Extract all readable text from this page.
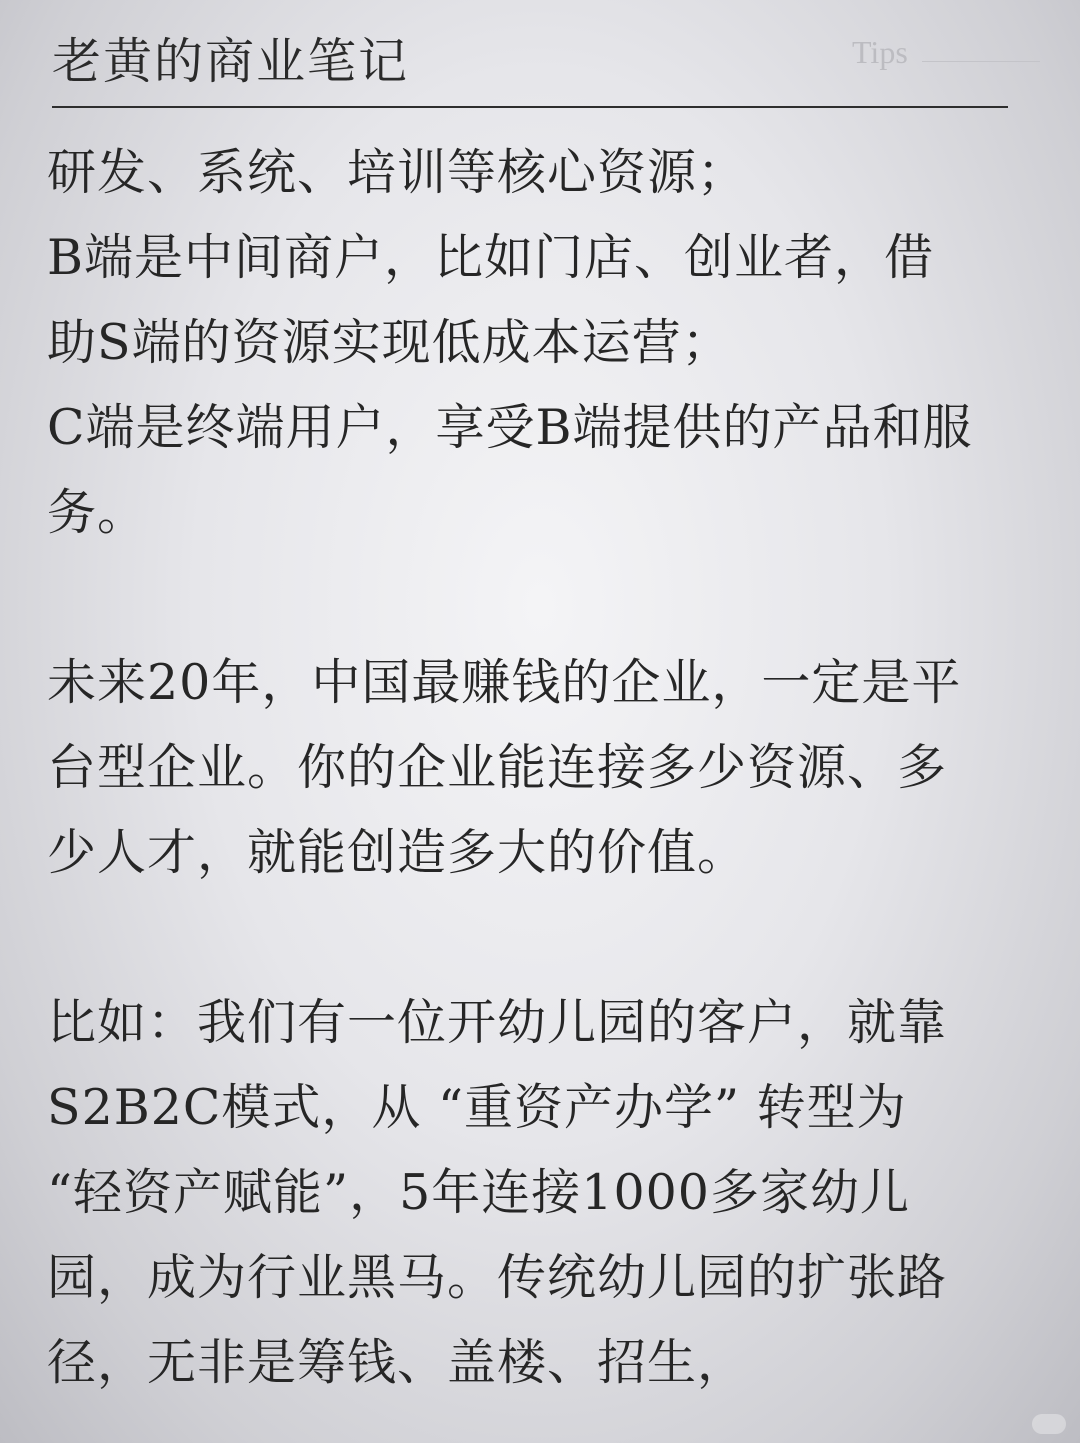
老黄的商业笔记	Tips
研发、系统、培训等核心资源；
B端是中间商户，比如门店、创业者，借
助S端的资源实现低成本运营；
C端是终端用户，享受B端提供的产品和服
务。
未来20年，中国最赚钱的企业，一定是平
台型企业。你的企业能连接多少资源、多
少人才，就能创造多大的价值。
比如：我们有一位开幼儿园的客户，就靠
S2B2C模式，从 “重资产办学” 转型为
“轻资产赋能”，5年连接1000多家幼儿
园，成为行业黑马。传统幼儿园的扩张路
径，无非是筹钱、盖楼、招生，
